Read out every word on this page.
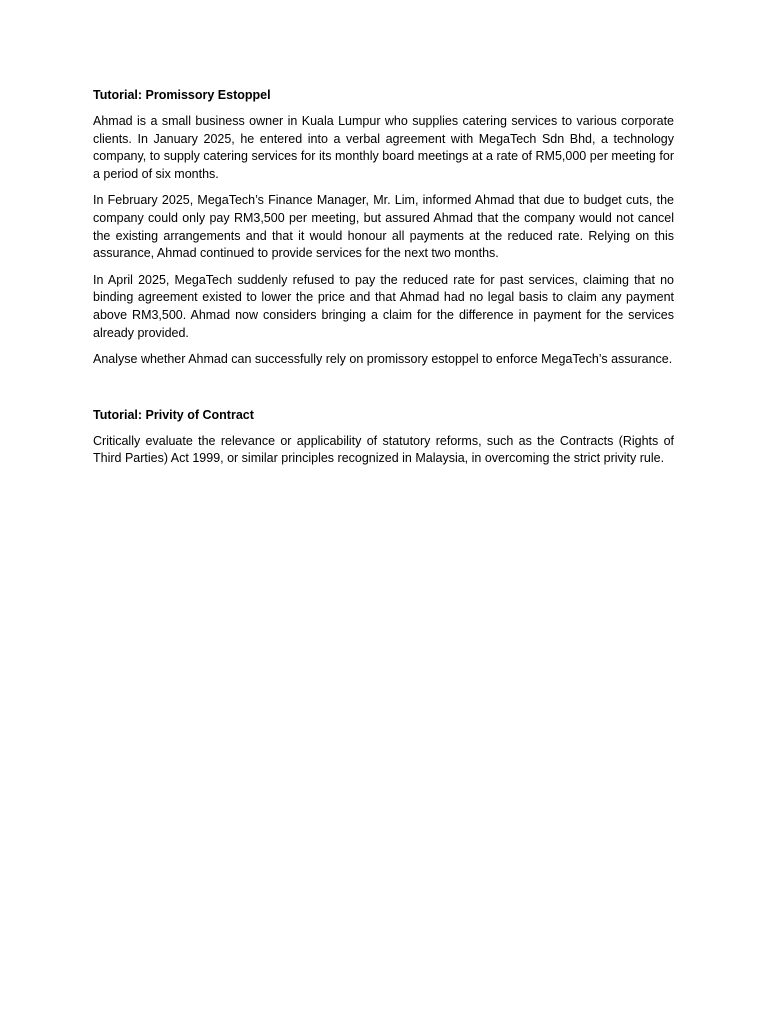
Tutorial: Promissory Estoppel

Ahmad is a small business owner in Kuala Lumpur who supplies catering services to various corporate clients. In January 2025, he entered into a verbal agreement with MegaTech Sdn Bhd, a technology company, to supply catering services for its monthly board meetings at a rate of RM5,000 per meeting for a period of six months.

In February 2025, MegaTech’s Finance Manager, Mr. Lim, informed Ahmad that due to budget cuts, the company could only pay RM3,500 per meeting, but assured Ahmad that the company would not cancel the existing arrangements and that it would honour all payments at the reduced rate. Relying on this assurance, Ahmad continued to provide services for the next two months.

In April 2025, MegaTech suddenly refused to pay the reduced rate for past services, claiming that no binding agreement existed to lower the price and that Ahmad had no legal basis to claim any payment above RM3,500. Ahmad now considers bringing a claim for the difference in payment for the services already provided.

Analyse whether Ahmad can successfully rely on promissory estoppel to enforce MegaTech’s assurance.

Tutorial: Privity of Contract

Critically evaluate the relevance or applicability of statutory reforms, such as the Contracts (Rights of Third Parties) Act 1999, or similar principles recognized in Malaysia, in overcoming the strict privity rule.
